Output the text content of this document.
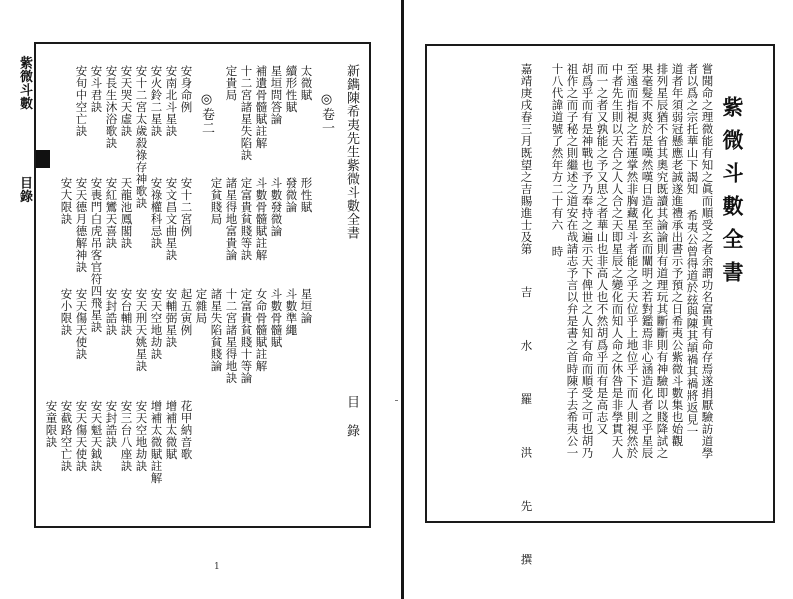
紫微斗數
目錄	新鐫陳希夷先生紫微斗數全書
目 錄
◎卷一
太微賦
形性賦
星垣論
續形性賦
發微論
斗數準繩
星垣問答論
斗數發微論
斗數骨髓賦
補遺骨髓賦註解
斗數骨髓賦註解
女命骨髓賦註解
十二宮諸星失陷訣
定富貴貧賤等訣
定富貴貧賤十等論
定貴局
諸星得地富貴論
十二宮諸星得地訣
定貧賤局
諸星失陷貧賤論
定雜局
◎卷二
安身命例
安十二宮例
起五寅例
安南北斗星訣
安文昌文曲星訣
安輔弼星訣
安火鈴二星訣
安祿權科忌訣
安天空地劫訣
安十二宮太歲殺祿存神歌訣
安天刑天姚星訣
安天哭天虛訣
天龍池鳳閣訣
安台輔訣
安長生沐浴歌訣
安紅鸞天喜訣
安封誥訣
安斗君訣
安喪門白虎吊客官符四飛星訣
安旬中空亡訣
安天德月德解神訣
安天傷天使訣
安大限訣
安小限訣
花甲納音歌
增補太微賦
增補太微賦註解
安天空地劫訣
安三台八座訣
安封誥訣
安天魁天鉞訣
安天傷天使訣
安截路空亡訣
安童限訣
1
紫微斗數全書
嘗聞命之理微能有知之眞而順受之者余謂功名富貴有命存焉遂捐厭驗訪道學
者以爲之宗托華山下謁知 希夷公曾得道於玆與陳其頡禍其禍將返見一
道者年須弱冠懸應老誠遂進禮承出書示予預之日希夷公紫微斗數集也始觀
排列星辰猶不省其奧究既讀其論論則有道理玩其斷斷則有神驗即以賤降試之
果毫髮不爽於是嘆然嘆日造化至玄而闡明之若對鑑焉非心涵造化者之乎星辰
至遠而指視之若運掌然非胸藏星斗者能之乎天位乎上地位乎下而人則視然於
中者先生則以天合之人人合之天即星辰之變化而知人命之休咎是非學貫天人
而一之者又孰能之予又思之者華山也非高人也不然胡爲乎而有是高志又
胡爲乎而有是神戰也予乃奉持之遍示天下俾世之人知有命而順受之可也胡乃
祖作之而子秘之則繼述之道安在哉請志予言以弁是書之首時陳子去希夷公一
十八代諱道號了然年方二十有六 時
嘉靖庚戌春三月既望之吉賜進士及第
吉 水 羅 洪 先 撰
